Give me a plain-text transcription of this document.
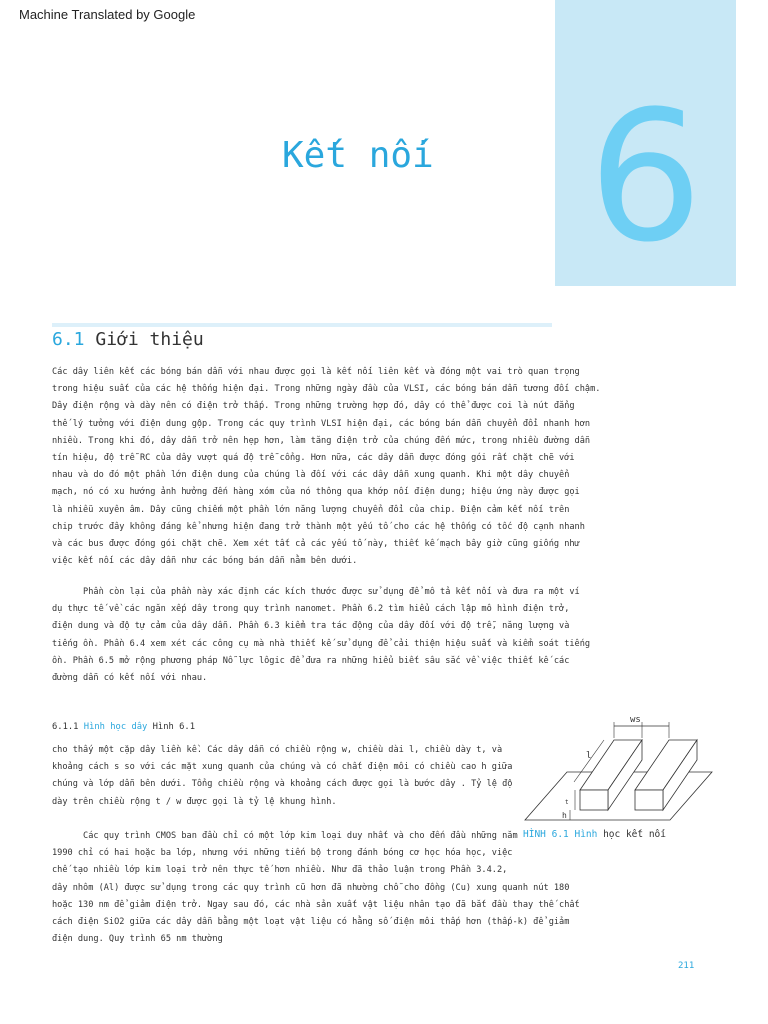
Machine Translated by Google
6
Kết nối
6.1 Giới thiệu
Các dây liên kết các bóng bán dẫn với nhau được gọi là kết nối liên kết và đóng một vai trò quan trọng
trong hiệu suất của các hệ thống hiện đại. Trong những ngày đầu của VLSI, các bóng bán dẫn tương đối chậm.
Dây điện rộng và dày nên có điện trở thấp. Trong những trường hợp đó, dây có thể được coi là nút đẳng
thế lý tưởng với điện dung gộp. Trong các quy trình VLSI hiện đại, các bóng bán dẫn chuyển đổi nhanh hơn
nhiều. Trong khi đó, dây dẫn trở nên hẹp hơn, làm tăng điện trở của chúng đến mức, trong nhiều đường dẫn
tín hiệu, độ trễ RC của dây vượt quá độ trễ cổng. Hơn nữa, các dây dẫn được đóng gói rất chặt chẽ với
nhau và do đó một phần lớn điện dung của chúng là đối với các dây dẫn xung quanh. Khi một dây chuyển
mạch, nó có xu hướng ảnh hưởng đến hàng xóm của nó thông qua khớp nối điện dung; hiệu ứng này được gọi
là nhiễu xuyên âm. Dây cũng chiếm một phần lớn năng lượng chuyển đổi của chip. Điện cảm kết nối trên
chip trước đây không đáng kể nhưng hiện đang trở thành một yếu tố cho các hệ thống có tốc độ cạnh nhanh
và các bus được đóng gói chặt chẽ. Xem xét tất cả các yếu tố này, thiết kế mạch bây giờ cũng giống như
việc kết nối các dây dẫn như các bóng bán dẫn nằm bên dưới.
Phần còn lại của phần này xác định các kích thước được sử dụng để mô tả kết nối và đưa ra một ví
dụ thực tế về các ngăn xếp dây trong quy trình nanomet. Phần 6.2 tìm hiểu cách lập mô hình điện trở,
điện dung và độ tự cảm của dây dẫn. Phần 6.3 kiểm tra tác động của dây đối với độ trễ, năng lượng và
tiếng ồn. Phần 6.4 xem xét các công cụ mà nhà thiết kế sử dụng để cải thiện hiệu suất và kiểm soát tiếng
ồn. Phần 6.5 mở rộng phương pháp Nỗ lực lôgic để đưa ra những hiểu biết sâu sắc về việc thiết kế các
đường dẫn có kết nối với nhau.
6.1.1 Hình học dây Hình 6.1
cho thấy một cặp dây liền kề. Các dây dẫn có chiều rộng w, chiều dài l, chiều dày t, và
khoảng cách s so với các mặt xung quanh của chúng và có chất điện môi có chiều cao h giữa
chúng và lớp dẫn bên dưới. Tổng chiều rộng và khoảng cách được gọi là bước dây . Tỷ lệ độ
dày trên chiều rộng t / w được gọi là tỷ lệ khung hình.
Các quy trình CMOS ban đầu chỉ có một lớp kim loại duy nhất và cho đến đầu những năm
1990 chỉ có hai hoặc ba lớp, nhưng với những tiến bộ trong đánh bóng cơ học hóa học, việc
chế tạo nhiều lớp kim loại trở nên thực tế hơn nhiều. Như đã thảo luận trong Phần 3.4.2,
dây nhôm (Al) được sử dụng trong các quy trình cũ hơn đã nhường chỗ cho đồng (Cu) xung quanh nút 180
hoặc 130 nm để giảm điện trở. Ngay sau đó, các nhà sản xuất vật liệu nhân tạo đã bắt đầu thay thế chất
cách điện SiO2 giữa các dây dẫn bằng một loạt vật liệu có hằng số điện môi thấp hơn (thấp-k) để giảm
điện dung. Quy trình 65 nm thường
ws
l
t
h
HÌNH 6.1 Hình học kết nối
211
